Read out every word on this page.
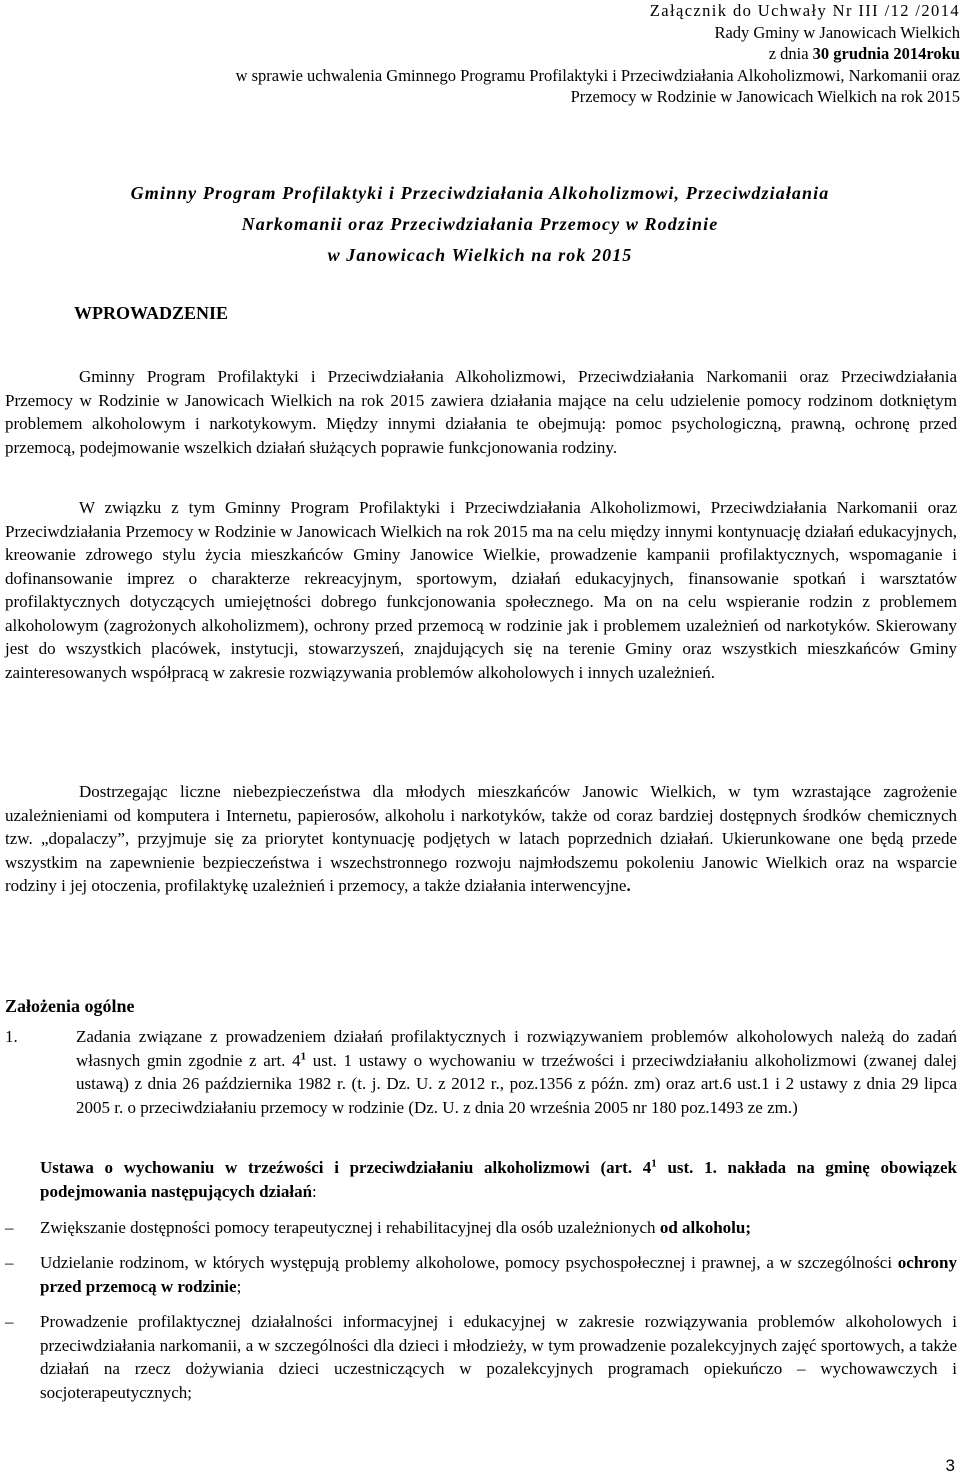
Załącznik do Uchwały Nr III /12 /2014
Rady Gminy w Janowicach Wielkich
z dnia 30 grudnia 2014roku
w sprawie uchwalenia Gminnego Programu Profilaktyki i Przeciwdziałania Alkoholizmowi, Narkomanii oraz
Przemocy w Rodzinie w Janowicach Wielkich na rok 2015
Gminny Program Profilaktyki i Przeciwdziałania Alkoholizmowi, Przeciwdziałania
Narkomanii oraz Przeciwdziałania Przemocy w Rodzinie
w Janowicach Wielkich na rok 2015
WPROWADZENIE

Gminny Program Profilaktyki i Przeciwdziałania Alkoholizmowi, Przeciwdziałania Narkomanii oraz Przeciwdziałania Przemocy w Rodzinie w Janowicach Wielkich na rok 2015 zawiera działania mające na celu udzielenie pomocy rodzinom dotkniętym problemem alkoholowym i narkotykowym. Między innymi działania te obejmują: pomoc psychologiczną, prawną, ochronę przed przemocą, podejmowanie wszelkich działań służących poprawie funkcjonowania rodziny.

W związku z tym Gminny Program Profilaktyki i Przeciwdziałania Alkoholizmowi, Przeciwdziałania Narkomanii oraz Przeciwdziałania Przemocy w Rodzinie w Janowicach Wielkich na rok 2015 ma na celu między innymi kontynuację działań edukacyjnych, kreowanie zdrowego stylu życia mieszkańców Gminy Janowice Wielkie, prowadzenie kampanii profilaktycznych, wspomaganie i dofinansowanie imprez o charakterze rekreacyjnym, sportowym, działań edukacyjnych, finansowanie spotkań i warsztatów profilaktycznych dotyczących umiejętności dobrego funkcjonowania społecznego. Ma on na celu wspieranie rodzin z problemem alkoholowym (zagrożonych alkoholizmem), ochrony przed przemocą w rodzinie jak i problemem uzależnień od narkotyków. Skierowany jest do wszystkich placówek, instytucji, stowarzyszeń, znajdujących się na terenie Gminy oraz wszystkich mieszkańców Gminy zainteresowanych współpracą w zakresie rozwiązywania problemów alkoholowych i innych uzależnień.

Dostrzegając liczne niebezpieczeństwa dla młodych mieszkańców Janowic Wielkich, w tym wzrastające zagrożenie uzależnieniami od komputera i Internetu, papierosów, alkoholu i narkotyków, także od coraz bardziej dostępnych środków chemicznych tzw. „dopalaczy”, przyjmuje się za priorytet kontynuację podjętych w latach poprzednich działań. Ukierunkowane one będą przede wszystkim na zapewnienie bezpieczeństwa i wszechstronnego rozwoju najmłodszemu pokoleniu Janowic Wielkich oraz na wsparcie rodziny i jej otoczenia, profilaktykę uzależnień i przemocy, a także działania interwencyjne.

Założenia ogólne
1.	Zadania związane z prowadzeniem działań profilaktycznych i rozwiązywaniem problemów alkoholowych należą do zadań własnych gmin zgodnie z art. $4^1$ ust. 1 ustawy o wychowaniu w trzeźwości i przeciwdziałaniu alkoholizmowi (zwanej dalej ustawą) z dnia 26 października 1982 r. (t. j. Dz. U. z 2012 r., poz.1356 z późn. zm) oraz art.6 ust.1 i 2 ustawy z dnia 29 lipca 2005 r. o przeciwdziałaniu przemocy w rodzinie (Dz. U. z dnia 20 września 2005 nr 180 poz.1493 ze zm.)
Ustawa o wychowaniu w trzeźwości i przeciwdziałaniu alkoholizmowi (art. $4^1$ ust. 1. nakłada na gminę obowiązek podejmowania następujących działań:
–	Zwiększanie dostępności pomocy terapeutycznej i rehabilitacyjnej dla osób uzależnionych od alkoholu;
–	Udzielanie rodzinom, w których występują problemy alkoholowe, pomocy psychospołecznej i prawnej, a w szczególności ochrony przed przemocą w rodzinie;
–	Prowadzenie profilaktycznej działalności informacyjnej i edukacyjnej w zakresie rozwiązywania problemów alkoholowych i przeciwdziałania narkomanii, a w szczególności dla dzieci i młodzieży, w tym prowadzenie pozalekcyjnych zajęć sportowych, a także działań na rzecz dożywiania dzieci uczestniczących w pozalekcyjnych programach opiekuńczo – wychowawczych i socjoterapeutycznych;
3
